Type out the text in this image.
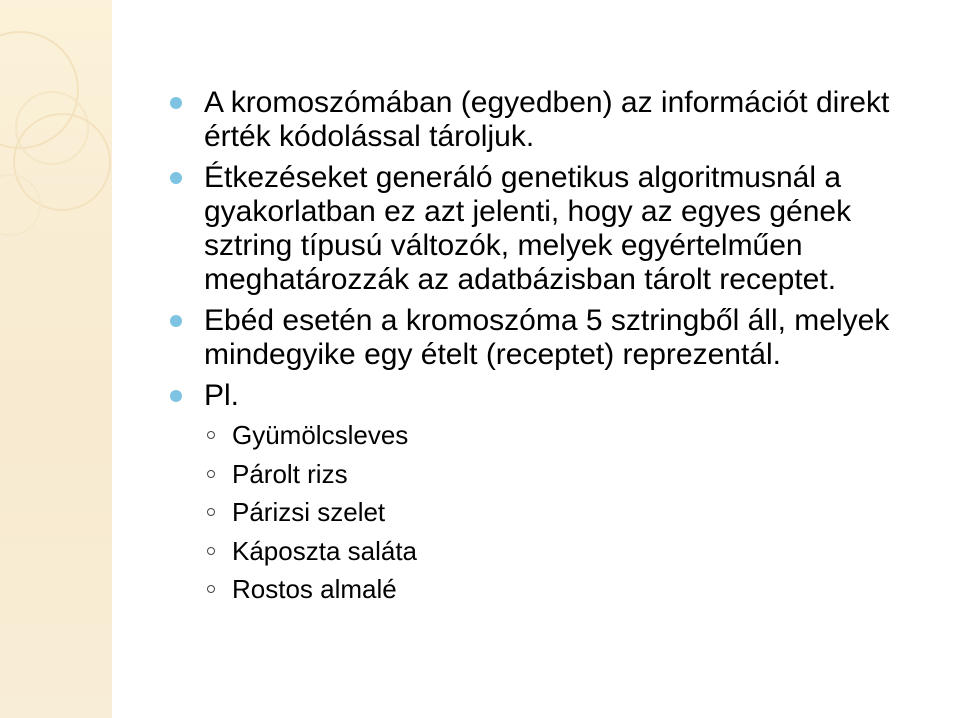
A kromoszómában (egyedben) az információt direkt érték kódolással tároljuk.
Étkezéseket generáló genetikus algoritmusnál a gyakorlatban ez azt jelenti, hogy az egyes gének sztring típusú változók, melyek egyértelműen meghatározzák az adatbázisban tárolt receptet.
Ebéd esetén a kromoszóma 5 sztringből áll, melyek mindegyike egy ételt (receptet) reprezentál.
Pl.
Gyümölcsleves
Párolt rizs
Párizsi szelet
Káposzta saláta
Rostos almalé
